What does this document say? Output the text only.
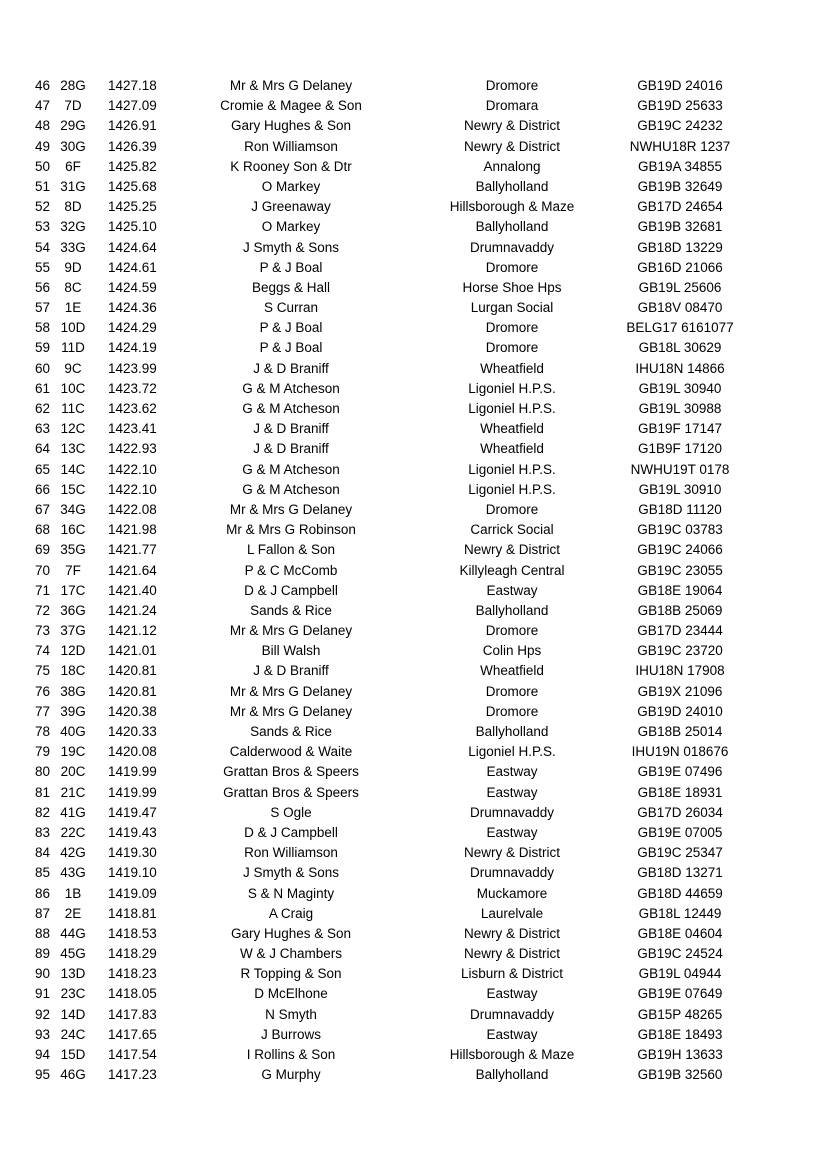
46 28G	1427.18	Mr & Mrs G Delaney	Dromore	GB19D 24016
47	7D	1427.09	Cromie & Magee & Son	Dromara	GB19D 25633
48 29G	1426.91	Gary Hughes & Son	Newry & District	GB19C 24232
49 30G	1426.39	Ron Williamson	Newry & District	NWHU18R 1237
50	6F	1425.82	K Rooney Son & Dtr	Annalong	GB19A 34855
51 31G	1425.68	O Markey	Ballyholland	GB19B 32649
52	8D	1425.25	J Greenaway	Hillsborough & Maze	GB17D 24654
53 32G	1425.10	O Markey	Ballyholland	GB19B 32681
54 33G	1424.64	J Smyth & Sons	Drumnavaddy	GB18D 13229
55	9D	1424.61	P & J Boal	Dromore	GB16D 21066
56	8C	1424.59	Beggs & Hall	Horse Shoe Hps	GB19L 25606
57	1E	1424.36	S Curran	Lurgan Social	GB18V 08470
58 10D	1424.29	P & J Boal	Dromore	BELG17 6161077
59 11D	1424.19	P & J Boal	Dromore	GB18L 30629
60	9C	1423.99	J & D Braniff	Wheatfield	IHU18N 14866
61 10C	1423.72	G & M Atcheson	Ligoniel H.P.S.	GB19L 30940
62 11C	1423.62	G & M Atcheson	Ligoniel H.P.S.	GB19L 30988
63 12C	1423.41	J & D Braniff	Wheatfield	GB19F 17147
64 13C	1422.93	J & D Braniff	Wheatfield	G1B9F 17120
65 14C	1422.10	G & M Atcheson	Ligoniel H.P.S.	NWHU19T 0178
66 15C	1422.10	G & M Atcheson	Ligoniel H.P.S.	GB19L 30910
67 34G	1422.08	Mr & Mrs G Delaney	Dromore	GB18D 11120
68 16C	1421.98	Mr & Mrs G Robinson	Carrick Social	GB19C 03783
69 35G	1421.77	L Fallon & Son	Newry & District	GB19C 24066
70	7F	1421.64	P & C McComb	Killyleagh Central	GB19C 23055
71 17C	1421.40	D & J Campbell	Eastway	GB18E 19064
72 36G	1421.24	Sands & Rice	Ballyholland	GB18B 25069
73 37G	1421.12	Mr & Mrs G Delaney	Dromore	GB17D 23444
74 12D	1421.01	Bill Walsh	Colin Hps	GB19C 23720
75 18C	1420.81	J & D Braniff	Wheatfield	IHU18N 17908
76 38G	1420.81	Mr & Mrs G Delaney	Dromore	GB19X 21096
77 39G	1420.38	Mr & Mrs G Delaney	Dromore	GB19D 24010
78 40G	1420.33	Sands & Rice	Ballyholland	GB18B 25014
79 19C	1420.08	Calderwood & Waite	Ligoniel H.P.S.	IHU19N 018676
80 20C	1419.99	Grattan Bros & Speers	Eastway	GB19E 07496
81 21C	1419.99	Grattan Bros & Speers	Eastway	GB18E 18931
82 41G	1419.47	S Ogle	Drumnavaddy	GB17D 26034
83 22C	1419.43	D & J Campbell	Eastway	GB19E 07005
84 42G	1419.30	Ron Williamson	Newry & District	GB19C 25347
85 43G	1419.10	J Smyth & Sons	Drumnavaddy	GB18D 13271
86	1B	1419.09	S & N Maginty	Muckamore	GB18D 44659
87	2E	1418.81	A Craig	Laurelvale	GB18L 12449
88 44G	1418.53	Gary Hughes & Son	Newry & District	GB18E 04604
89 45G	1418.29	W & J Chambers	Newry & District	GB19C 24524
90 13D	1418.23	R Topping & Son	Lisburn & District	GB19L 04944
91 23C	1418.05	D McElhone	Eastway	GB19E 07649
92 14D	1417.83	N Smyth	Drumnavaddy	GB15P 48265
93 24C	1417.65	J Burrows	Eastway	GB18E 18493
94 15D	1417.54	I Rollins & Son	Hillsborough & Maze	GB19H 13633
95 46G	1417.23	G Murphy	Ballyholland	GB19B 32560
